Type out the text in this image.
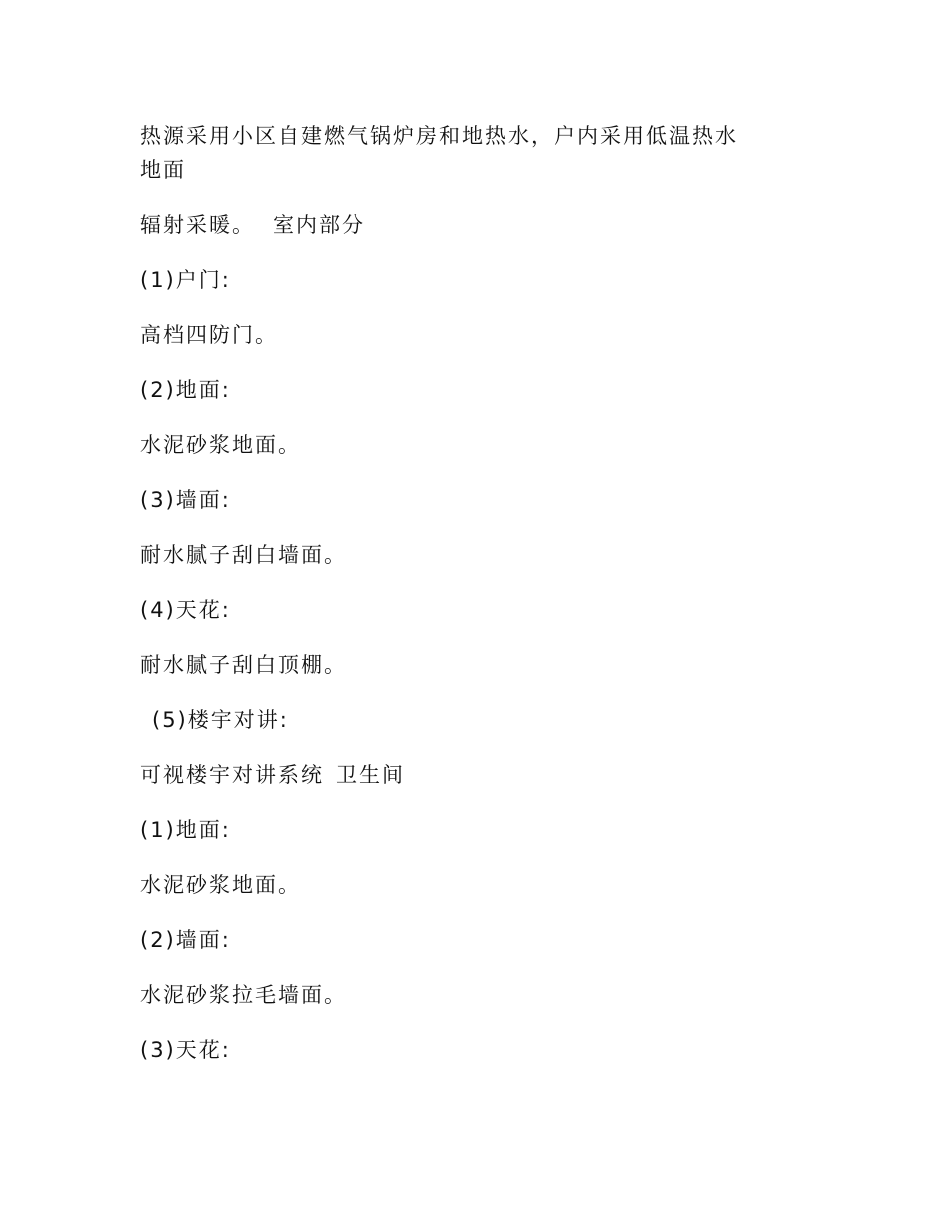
热源采用小区自建燃气锅炉房和地热水，户内采用低温热水

地面

辐射采暖。 室内部分

(1)户门:

高档四防门。

(2)地面:

水泥砂浆地面。

(3)墙面:

耐水腻子刮白墙面。

(4)天花:

耐水腻子刮白顶棚。

(5)楼宇对讲:

可视楼宇对讲系统 卫生间

(1)地面:

水泥砂浆地面。

(2)墙面:

水泥砂浆拉毛墙面。

(3)天花:
